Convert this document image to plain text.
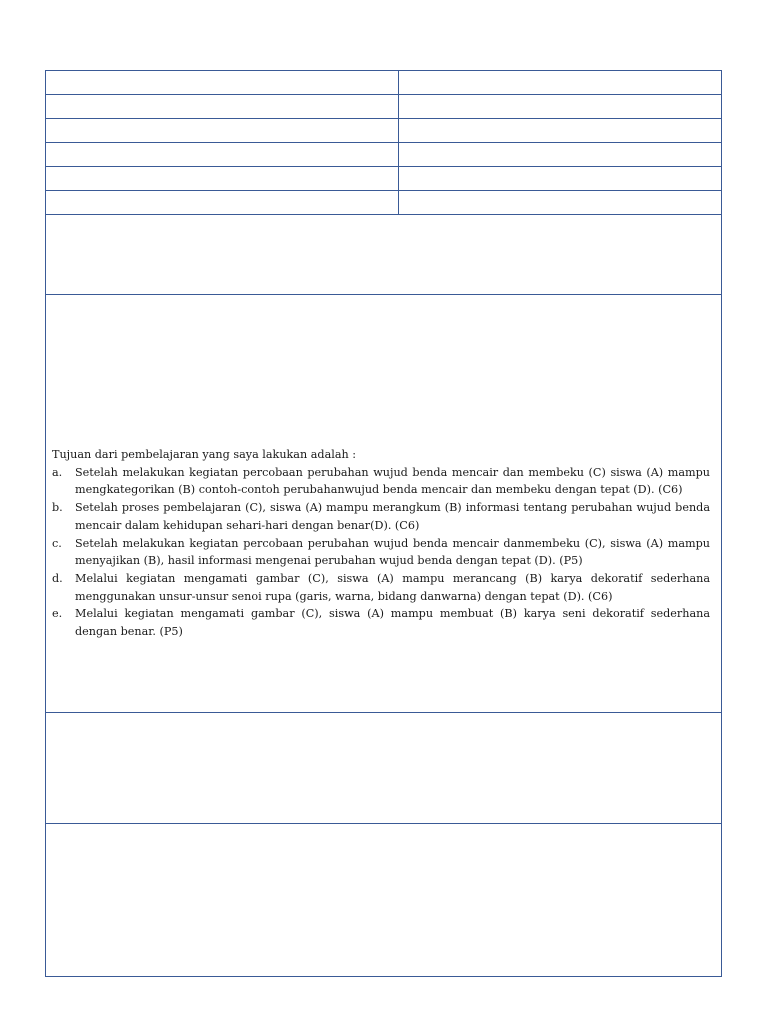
Tujuan dari pembelajaran yang saya lakukan adalah :

a. Setelah melakukan kegiatan percobaan perubahan wujud benda mencair dan membeku (C) siswa (A) mampu mengkategorikan (B) contoh-contoh perubahanwujud benda mencair dan membeku dengan tepat (D). (C6)
b. Setelah proses pembelajaran (C), siswa (A) mampu merangkum (B) informasi tentang perubahan wujud benda mencair dalam kehidupan sehari-hari dengan benar(D). (C6)
c. Setelah melakukan kegiatan percobaan perubahan wujud benda mencair danmembeku (C), siswa (A) mampu menyajikan (B), hasil informasi mengenai perubahan wujud benda dengan tepat (D). (P5)
d. Melalui kegiatan mengamati gambar (C), siswa (A) mampu merancang (B) karya dekoratif sederhana menggunakan unsur-unsur senoi rupa (garis, warna, bidang danwarna) dengan tepat (D). (C6)
e. Melalui kegiatan mengamati gambar (C), siswa (A) mampu membuat (B) karya seni dekoratif sederhana dengan benar. (P5)
